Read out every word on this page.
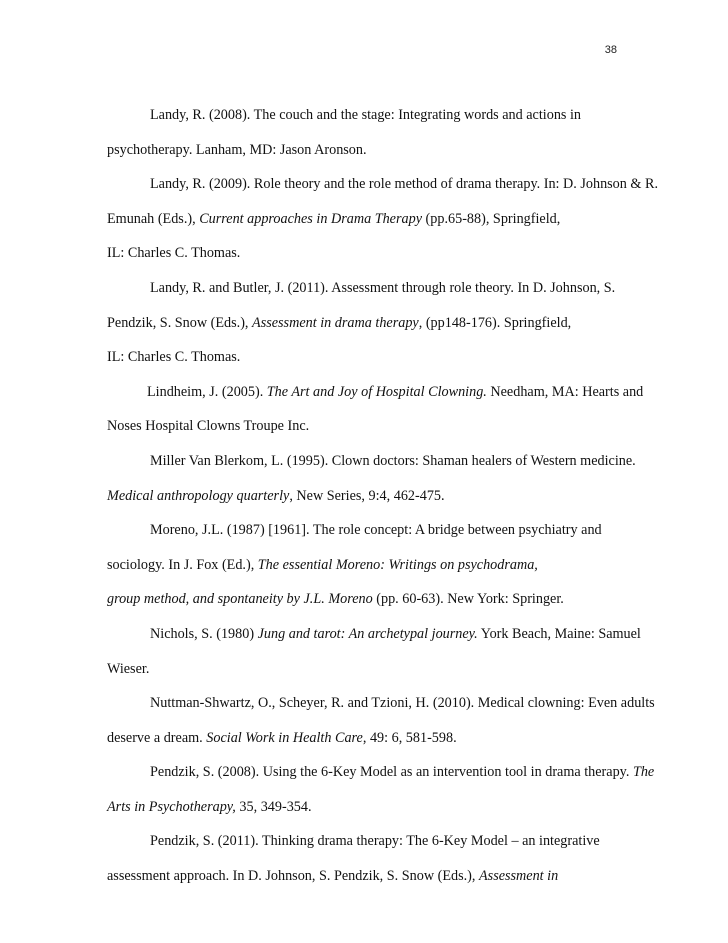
38

Landy, R. (2008). The couch and the stage: Integrating words and actions in
psychotherapy. Lanham, MD: Jason Aronson.

Landy, R. (2009). Role theory and the role method of drama therapy. In: D. Johnson & R.
Emunah (Eds.), Current approaches in Drama Therapy (pp.65-88), Springfield,
IL: Charles C. Thomas.

Landy, R. and Butler, J. (2011). Assessment through role theory. In D. Johnson, S.
Pendzik, S. Snow (Eds.), Assessment in drama therapy, (pp148-176). Springfield,
IL: Charles C. Thomas.

Lindheim, J. (2005). The Art and Joy of Hospital Clowning. Needham, MA: Hearts and
Noses Hospital Clowns Troupe Inc.

Miller Van Blerkom, L. (1995). Clown doctors: Shaman healers of Western medicine.
Medical anthropology quarterly, New Series, 9:4, 462-475.

Moreno, J.L. (1987) [1961]. The role concept: A bridge between psychiatry and
sociology. In J. Fox (Ed.), The essential Moreno: Writings on psychodrama,
group method, and spontaneity by J.L. Moreno (pp. 60-63). New York: Springer.

Nichols, S. (1980) Jung and tarot: An archetypal journey. York Beach, Maine: Samuel
Wieser.

Nuttman-Shwartz, O., Scheyer, R. and Tzioni, H. (2010). Medical clowning: Even adults
deserve a dream. Social Work in Health Care, 49: 6, 581-598.

Pendzik, S. (2008). Using the 6-Key Model as an intervention tool in drama therapy. The
Arts in Psychotherapy, 35, 349-354.

Pendzik, S. (2011). Thinking drama therapy: The 6-Key Model – an integrative
assessment approach. In D. Johnson, S. Pendzik, S. Snow (Eds.), Assessment in
